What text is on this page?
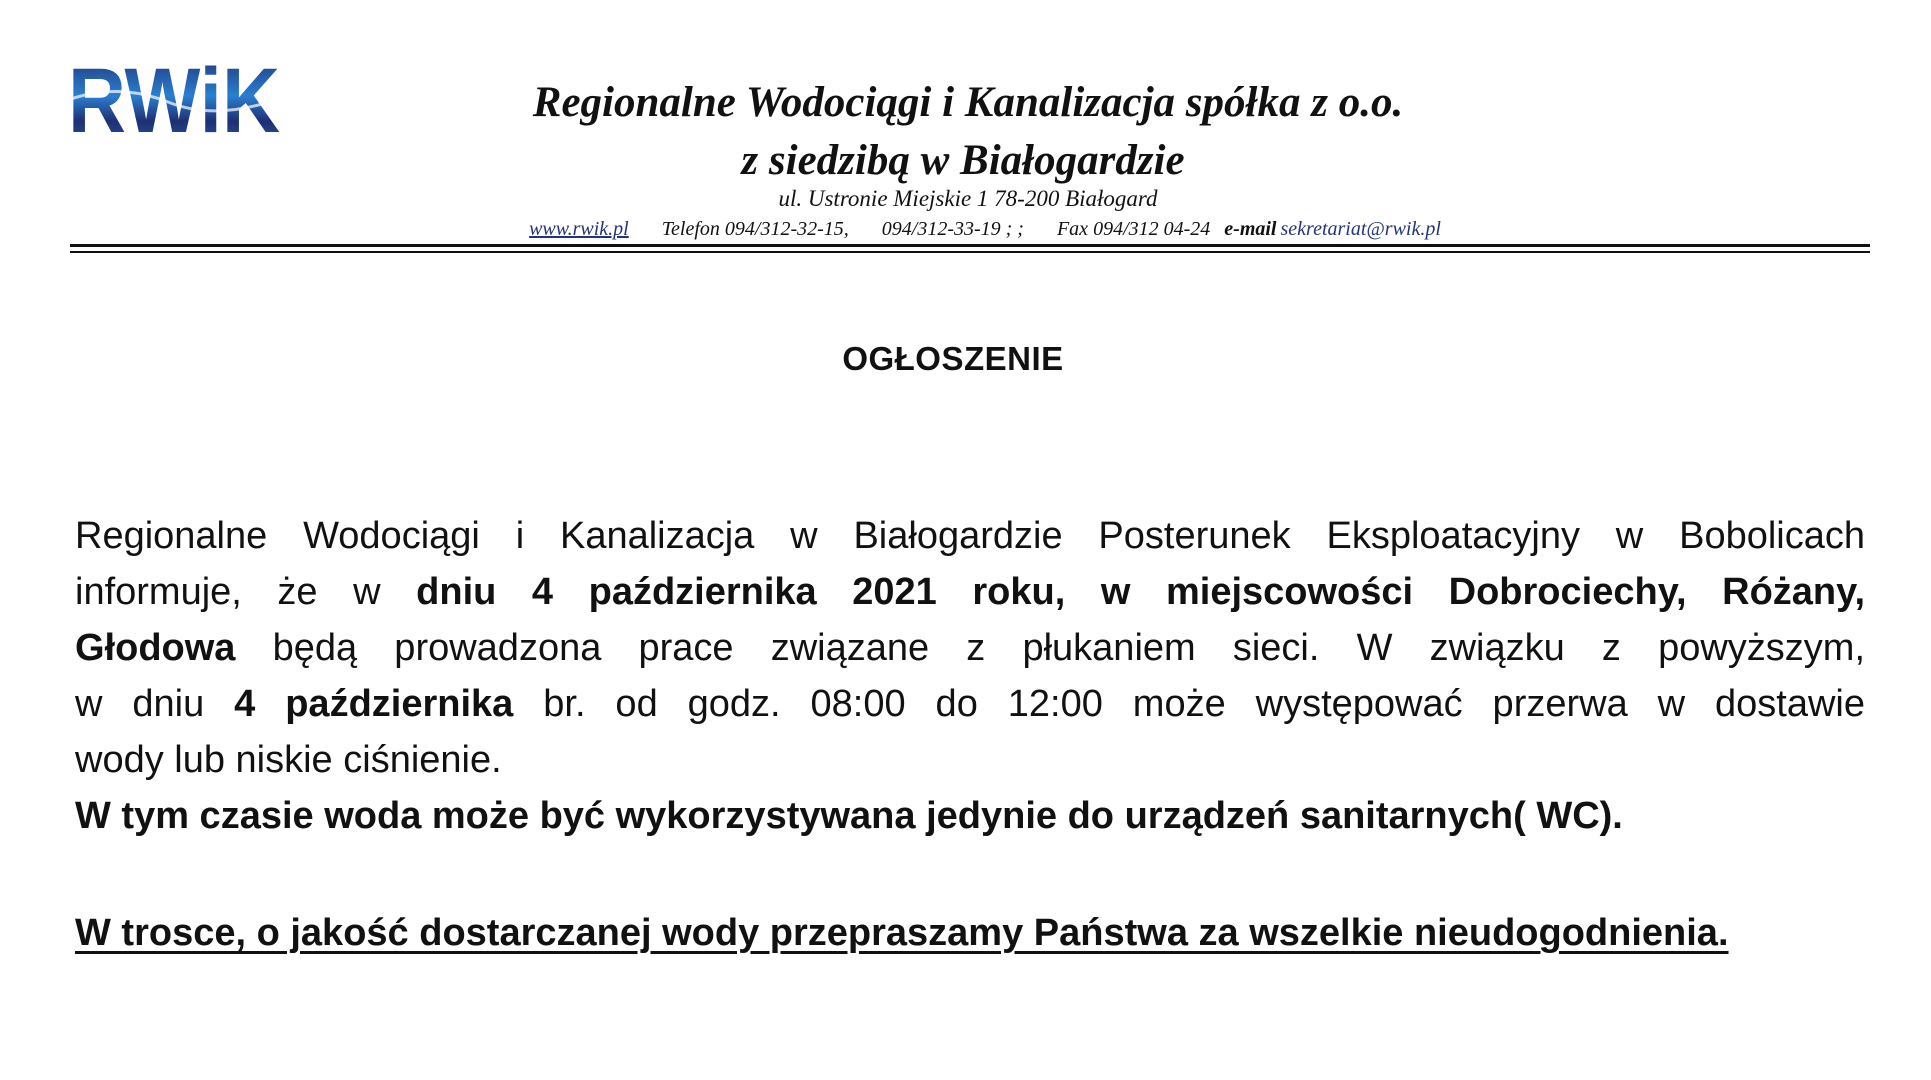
RWiK	Regionalne Wodociągi i Kanalizacja spółka z o.o.
z siedzibą w Białogardzie
ul. Ustronie Miejskie 1 78-200 Białogard
www.rwik.pl Telefon 094/312-32-15, 094/312-33-19 ; ; Fax 094/312 04-24 e-mail sekretariat@rwik.pl
OGŁOSZENIE
Regionalne Wodociągi i Kanalizacja w Białogardzie Posterunek Eksploatacyjny w Bobolicach
informuje, że w dniu 4 października 2021 roku, w miejscowości Dobrociechy, Różany,
Głodowa będą prowadzona prace związane z płukaniem sieci. W związku z powyższym,
w dniu 4 października br. od godz. 08:00 do 12:00 może występować przerwa w dostawie
wody lub niskie ciśnienie.
W tym czasie woda może być wykorzystywana jedynie do urządzeń sanitarnych( WC).
W trosce, o jakość dostarczanej wody przepraszamy Państwa za wszelkie nieudogodnienia.
